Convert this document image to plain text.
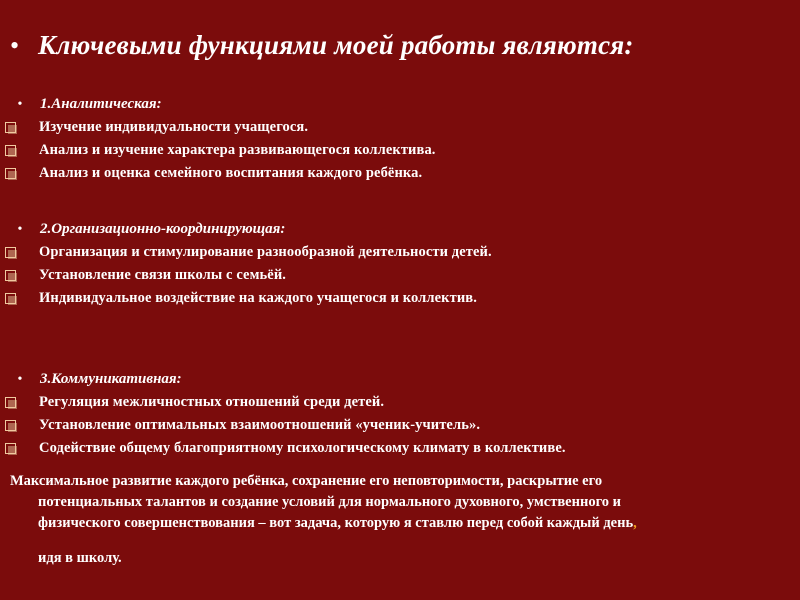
• Ключевыми функциями моей работы являются:
•	1.Аналитическая:
Изучение индивидуальности учащегося.
Анализ и изучение характера развивающегося коллектива.
Анализ и оценка семейного воспитания каждого ребёнка.
•	2.Организационно-координирующая:
Организация и стимулирование разнообразной деятельности детей.
Установление связи школы с семьёй.
Индивидуальное воздействие на каждого учащегося и коллектив.
•	3.Коммуникативная:
Регуляция межличностных отношений среди детей.
Установление оптимальных взаимоотношений «ученик-учитель».
Содействие общему благоприятному психологическому климату в коллективе.
Максимальное развитие каждого ребёнка, сохранение его неповторимости, раскрытие его

потенциальных талантов и создание условий для нормального духовного, умственного и
физического совершенствования – вот задача, которую я ставлю перед собой каждый день,
идя в школу.
